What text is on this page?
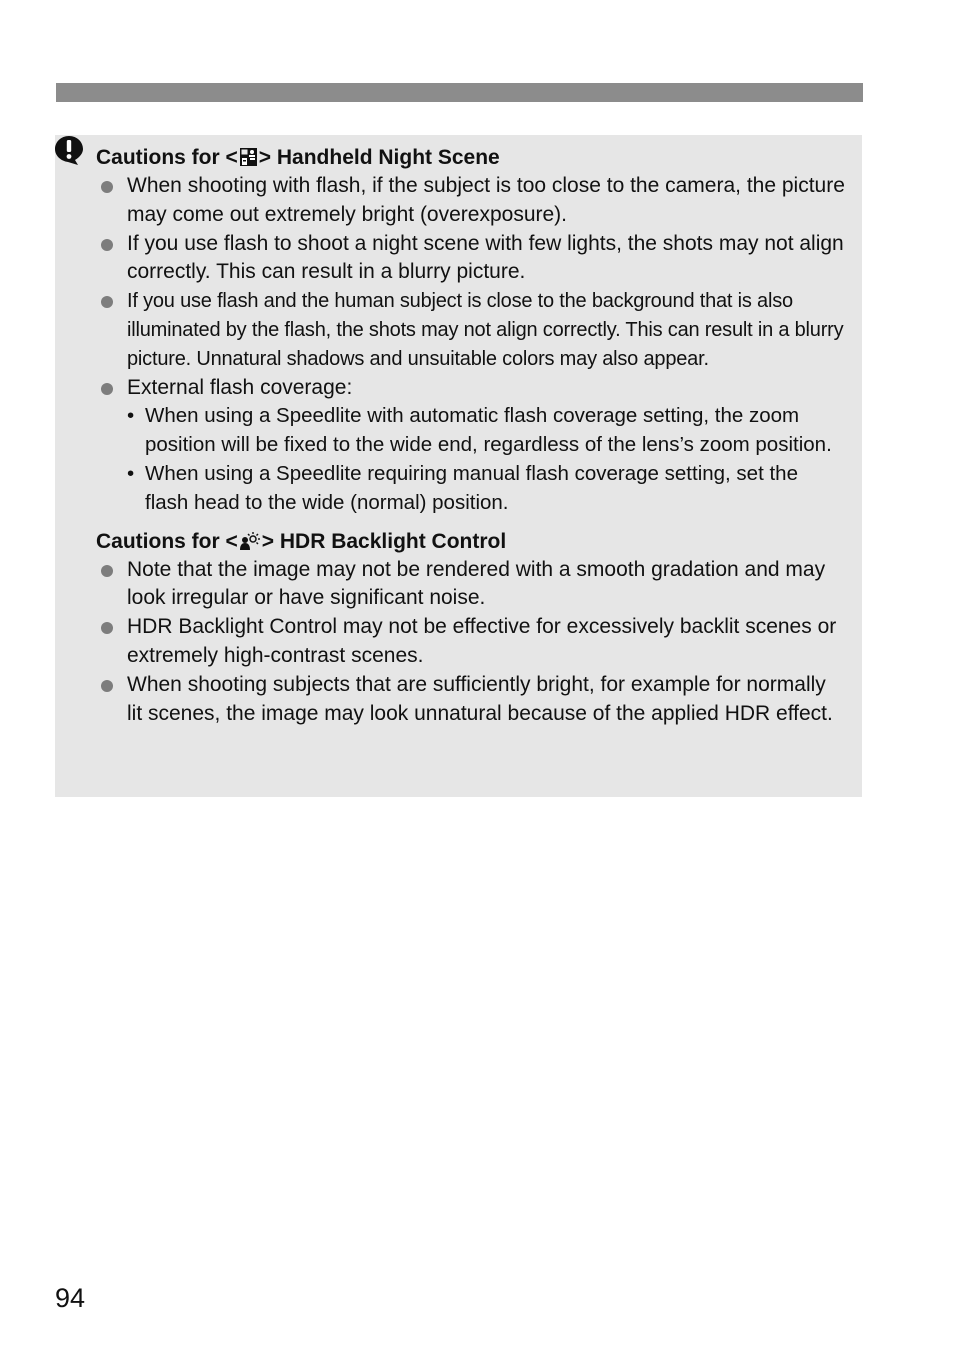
Cautions for < > Handheld Night Scene
When shooting with flash, if the subject is too close to the camera, the picture may come out extremely bright (overexposure).
If you use flash to shoot a night scene with few lights, the shots may not align correctly. This can result in a blurry picture.
If you use flash and the human subject is close to the background that is also illuminated by the flash, the shots may not align correctly. This can result in a blurry picture. Unnatural shadows and unsuitable colors may also appear.
External flash coverage:
• When using a Speedlite with automatic flash coverage setting, the zoom position will be fixed to the wide end, regardless of the lens’s zoom position.
• When using a Speedlite requiring manual flash coverage setting, set the flash head to the wide (normal) position.
Cautions for < > HDR Backlight Control
Note that the image may not be rendered with a smooth gradation and may look irregular or have significant noise.
HDR Backlight Control may not be effective for excessively backlit scenes or extremely high-contrast scenes.
When shooting subjects that are sufficiently bright, for example for normally lit scenes, the image may look unnatural because of the applied HDR effect.
94
